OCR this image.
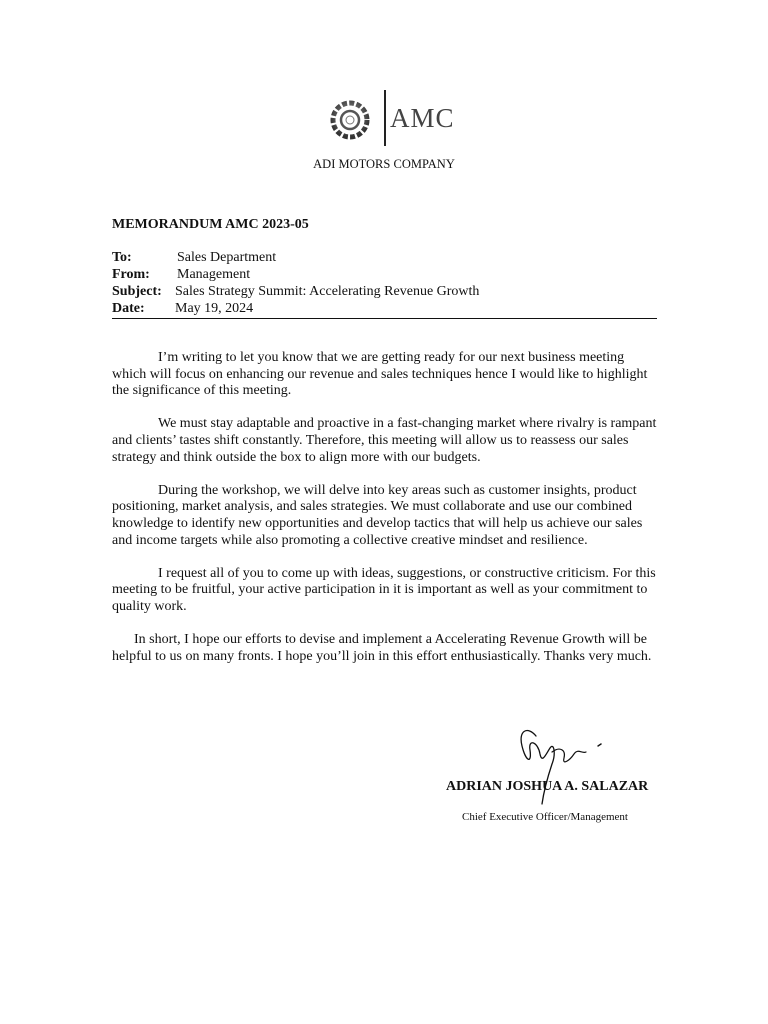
AMC
ADI MOTORS COMPANY
MEMORANDUM AMC 2023-05
To:	Sales Department
From:	Management
Subject: Sales Strategy Summit: Accelerating Revenue Growth
Date:	May 19, 2024

I’m writing to let you know that we are getting ready for our next business meeting which will focus on enhancing our revenue and sales techniques hence I would like to highlight the significance of this meeting.

We must stay adaptable and proactive in a fast-changing market where rivalry is rampant and clients’ tastes shift constantly. Therefore, this meeting will allow us to reassess our sales strategy and think outside the box to align more with our budgets.

During the workshop, we will delve into key areas such as customer insights, product positioning, market analysis, and sales strategies. We must collaborate and use our combined knowledge to identify new opportunities and develop tactics that will help us achieve our sales and income targets while also promoting a collective creative mindset and resilience.

I request all of you to come up with ideas, suggestions, or constructive criticism. For this meeting to be fruitful, your active participation in it is important as well as your commitment to quality work.

In short, I hope our efforts to devise and implement a Accelerating Revenue Growth will be helpful to us on many fronts. I hope you’ll join in this effort enthusiastically. Thanks very much.

ADRIAN JOSHUA A. SALAZAR
Chief Executive Officer/Management
